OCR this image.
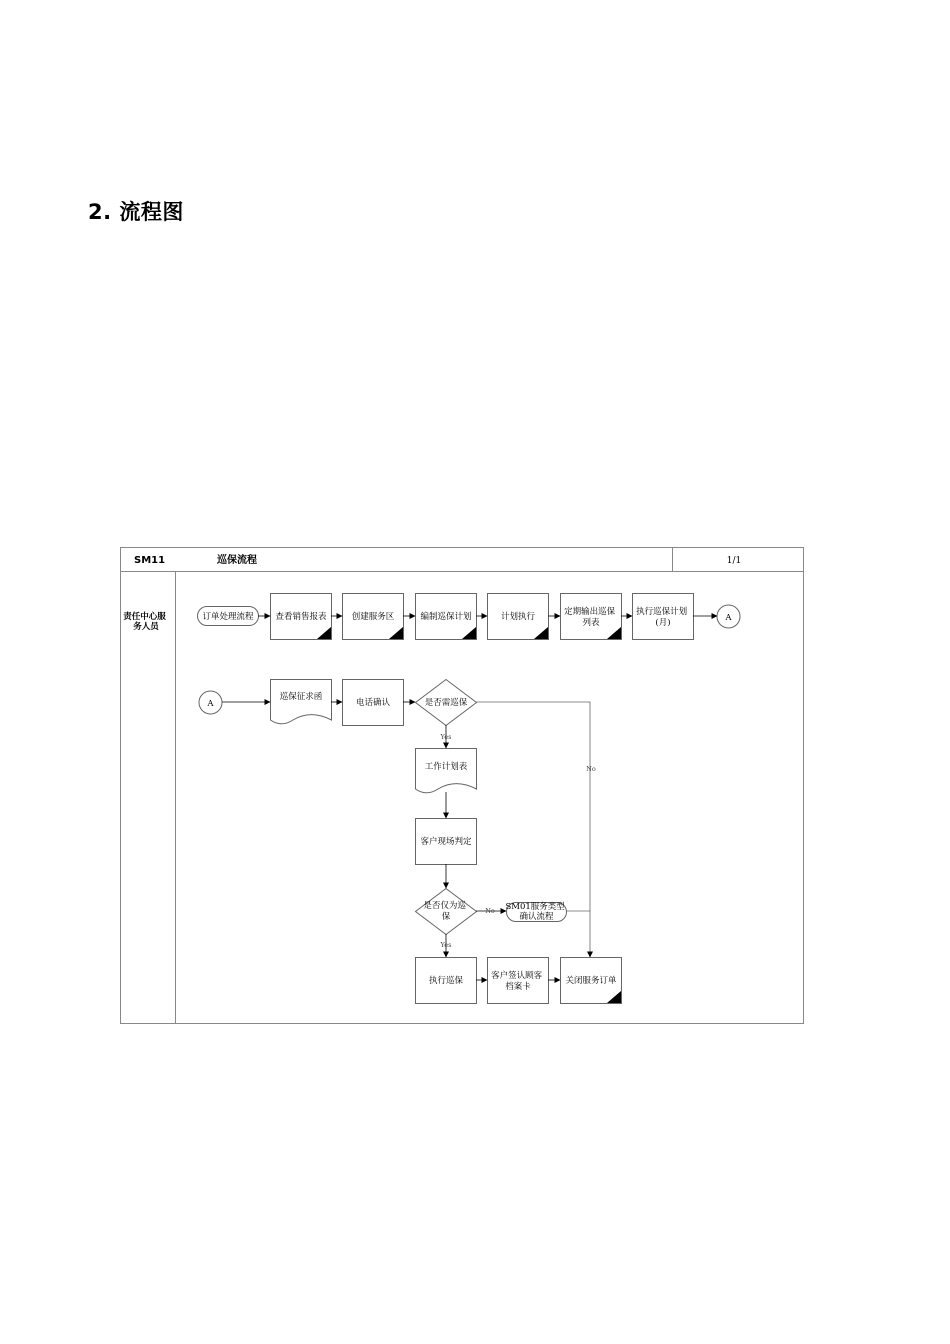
2. 流程图
SM11	巡保流程	1/1
责任中心服 务人员
订单处理流程	查看销售报表	创建服务区	编制巡保计划	计划执行	定期输出巡保 列表
执行巡保计划 (月)	A
A
巡保征求函
电话确认	是否需巡保
工作计划表
客户现场判定
是否仅为巡 保
SM01服务类型 确认流程
执行巡保	客户签认顾客 档案卡
关闭服务订单
Yes
No
Yes
No
